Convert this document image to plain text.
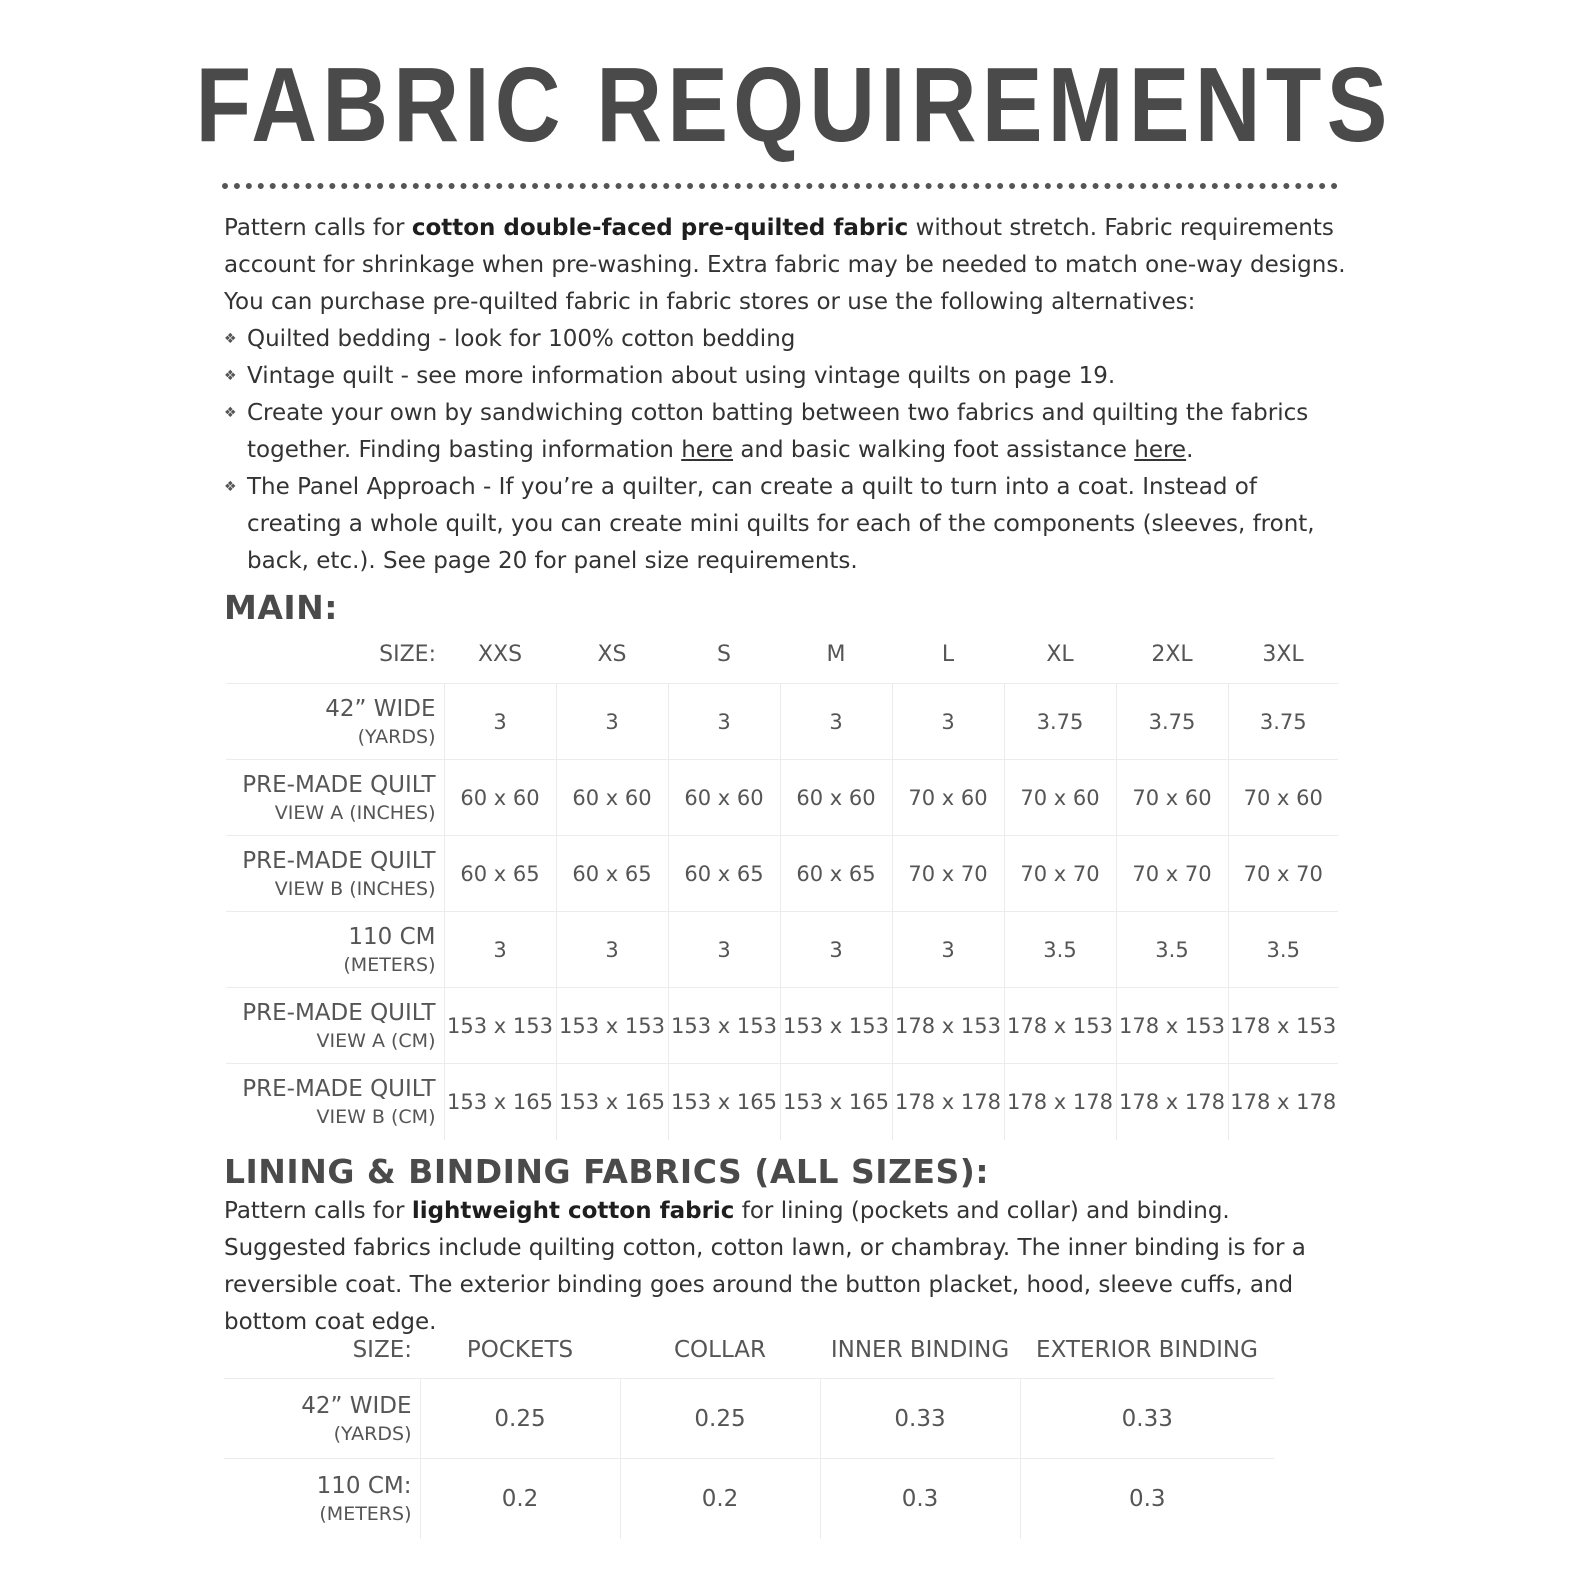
FABRIC REQUIREMENTS

Pattern calls for cotton double-faced pre-quilted fabric without stretch. Fabric requirements account for shrinkage when pre-washing. Extra fabric may be needed to match one-way designs. You can purchase pre-quilted fabric in fabric stores or use the following alternatives:

❖ Quilted bedding - look for 100% cotton bedding
❖ Vintage quilt - see more information about using vintage quilts on page 19.
❖ Create your own by sandwiching cotton batting between two fabrics and quilting the fabrics together. Finding basting information here and basic walking foot assistance here.
❖ The Panel Approach - If you’re a quilter, can create a quilt to turn into a coat. Instead of creating a whole quilt, you can create mini quilts for each of the components (sleeves, front, back, etc.). See page 20 for panel size requirements.
MAIN:
SIZE:	XXS	XS	S	M	L	XL	2XL	3XL

42” WIDE
(YARDS)	3	3	3	3	3	3.75	3.75	3.75

PRE-MADE QUILT
VIEW A (INCHES)	60 x 60	60 x 60	60 x 60	60 x 60	70 x 60	70 x 60	70 x 60	70 x 60

PRE-MADE QUILT
VIEW B (INCHES)	60 x 65	60 x 65	60 x 65	60 x 65	70 x 70	70 x 70	70 x 70	70 x 70

110 CM
(METERS)	3	3	3	3	3	3.5	3.5	3.5

PRE-MADE QUILT
VIEW A (CM)	153 x 153	153 x 153	153 x 153	153 x 153	178 x 153	178 x 153	178 x 153	178 x 153

PRE-MADE QUILT
VIEW B (CM)	153 x 165	153 x 165	153 x 165	153 x 165	178 x 178	178 x 178	178 x 178	178 x 178
LINING & BINDING FABRICS (ALL SIZES):

Pattern calls for lightweight cotton fabric for lining (pockets and collar) and binding. Suggested fabrics include quilting cotton, cotton lawn, or chambray. The inner binding is for a reversible coat. The exterior binding goes around the button placket, hood, sleeve cuffs, and bottom coat edge.

SIZE:	POCKETS	COLLAR	INNER BINDING	EXTERIOR BINDING

42” WIDE
(YARDS)	0.25	0.25	0.33	0.33

110 CM:
(METERS)	0.2	0.2	0.3	0.3
